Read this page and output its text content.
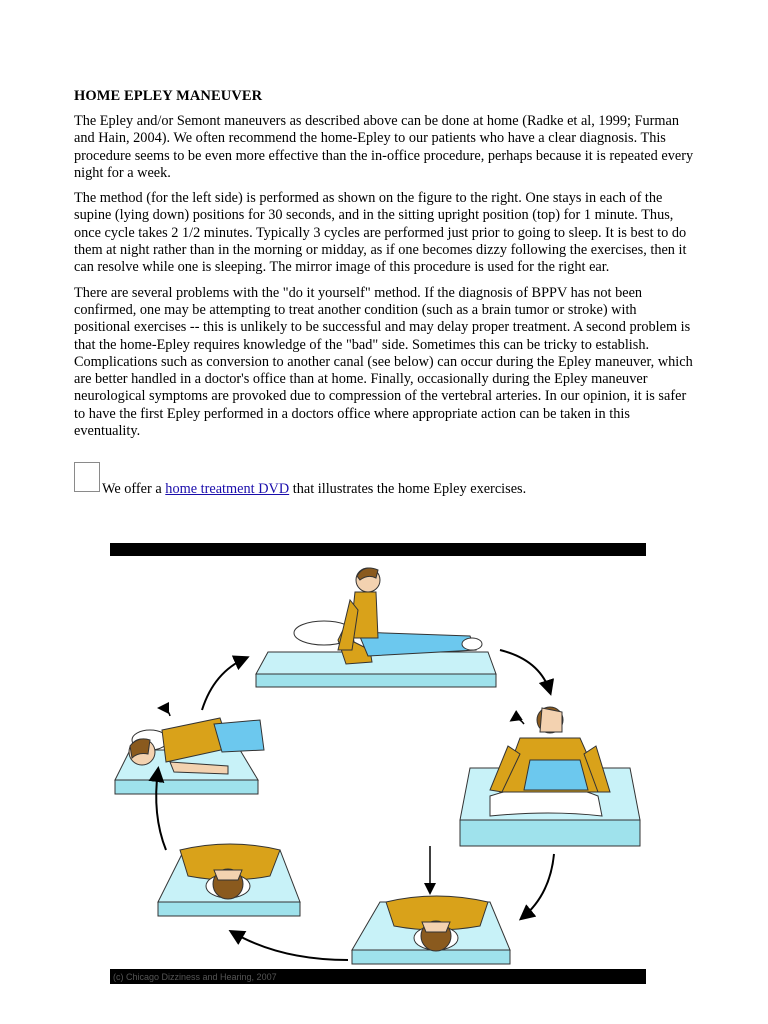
HOME EPLEY MANEUVER

The Epley and/or Semont maneuvers as described above can be done at home (Radke et al, 1999; Furman and Hain, 2004). We often recommend the home-Epley to our patients who have a clear diagnosis. This procedure seems to be even more effective than the in-office procedure, perhaps because it is repeated every night for a week.

The method (for the left side) is performed as shown on the figure to the right. One stays in each of the supine (lying down) positions for 30 seconds, and in the sitting upright position (top) for 1 minute. Thus, once cycle takes 2 1/2 minutes. Typically 3 cycles are performed just prior to going to sleep. It is best to do them at night rather than in the morning or midday, as if one becomes dizzy following the exercises, then it can resolve while one is sleeping. The mirror image of this procedure is used for the right ear.

There are several problems with the "do it yourself" method. If the diagnosis of BPPV has not been confirmed, one may be attempting to treat another condition (such as a brain tumor or stroke) with positional exercises -- this is unlikely to be successful and may delay proper treatment. A second problem is that the home-Epley requires knowledge of the "bad" side. Sometimes this can be tricky to establish. Complications such as conversion to another canal (see below) can occur during the Epley maneuver, which are better handled in a doctor's office than at home. Finally, occasionally during the Epley maneuver neurological symptoms are provoked due to compression of the vertebral arteries. In our opinion, it is safer to have the first Epley performed in a doctors office where appropriate action can be taken in this eventuality.

We offer a home treatment DVD that illustrates the home Epley exercises.
(c) Chicago Dizziness and Hearing, 2007
